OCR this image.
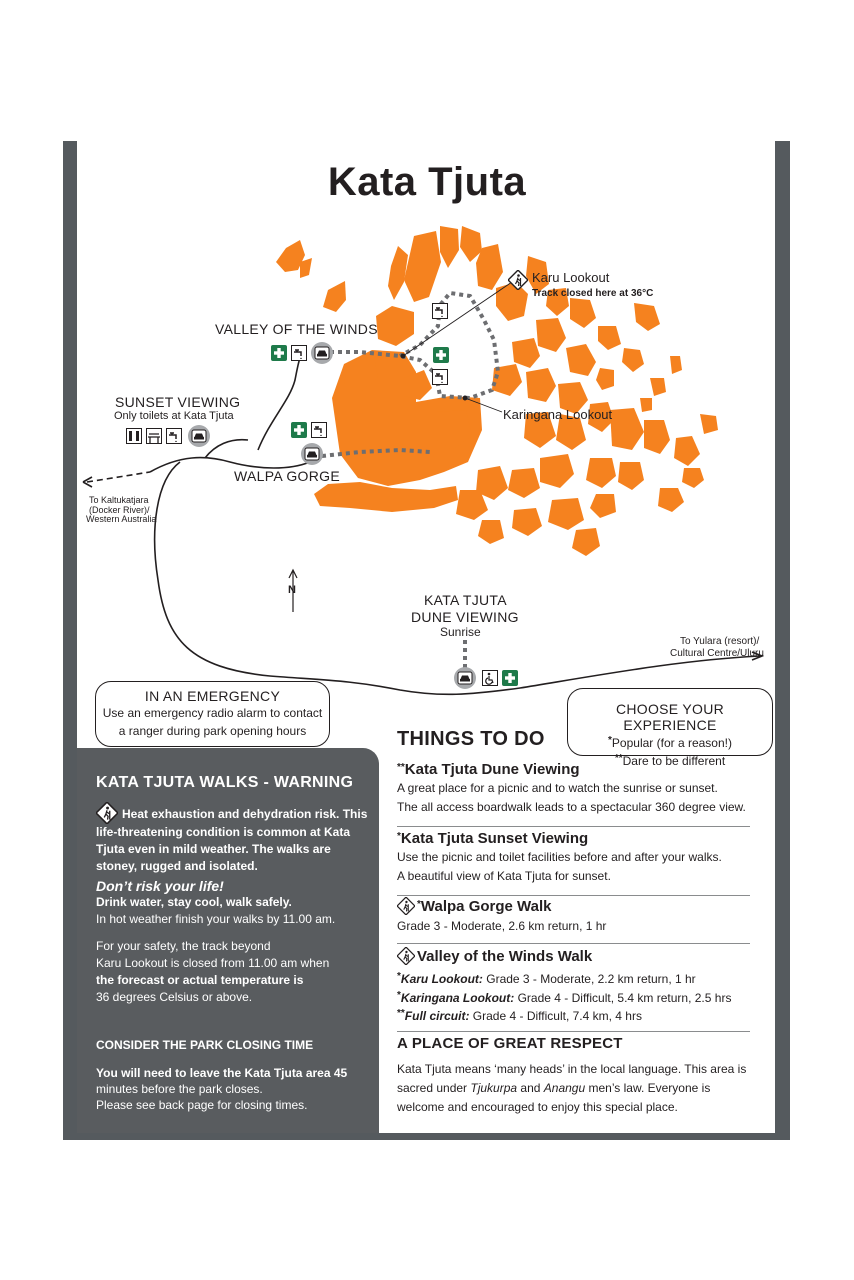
Kata Tjuta
VALLEY OF THE WINDS
SUNSET VIEWING
Only toilets at Kata Tjuta
WALPA GORGE
KATA TJUTA
DUNE VIEWING
Sunrise
Karu Lookout
Track closed here at 36°C
Karingana Lookout
To Kaltukatjara
(Docker River)/
Western Australia
To Yulara (resort)/
Cultural Centre/Uluru
N
IN AN EMERGENCY
Use an emergency radio alarm to contact
a ranger during park opening hours
CHOOSE YOUR EXPERIENCE
*Popular (for a reason!)
**Dare to be different
KATA TJUTA WALKS - WARNING
Heat exhaustion and dehydration risk. This life-threatening condition is common at Kata Tjuta even in mild weather. The walks are stoney, rugged and isolated.
Don’t risk your life!
Drink water, stay cool, walk safely.
In hot weather finish your walks by 11.00 am.
For your safety, the track beyond
Karu Lookout is closed from 11.00 am when
the forecast or actual temperature is
36 degrees Celsius or above.
CONSIDER THE PARK CLOSING TIME
You will need to leave the Kata Tjuta area 45
minutes before the park closes.
Please see back page for closing times.
THINGS TO DO
**Kata Tjuta Dune Viewing
A great place for a picnic and to watch the sunrise or sunset.
The all access boardwalk leads to a spectacular 360 degree view.
*Kata Tjuta Sunset Viewing
Use the picnic and toilet facilities before and after your walks.
A beautiful view of Kata Tjuta for sunset.
*Walpa Gorge Walk
Grade 3 - Moderate, 2.6 km return, 1 hr
Valley of the Winds Walk
*Karu Lookout: Grade 3 - Moderate, 2.2 km return, 1 hr
*Karingana Lookout: Grade 4 - Difficult, 5.4 km return, 2.5 hrs
**Full circuit: Grade 4 - Difficult, 7.4 km, 4 hrs
A PLACE OF GREAT RESPECT
Kata Tjuta means ‘many heads’ in the local language. This area is sacred under Tjukurpa and Anangu men’s law. Everyone is welcome and encouraged to enjoy this special place.
